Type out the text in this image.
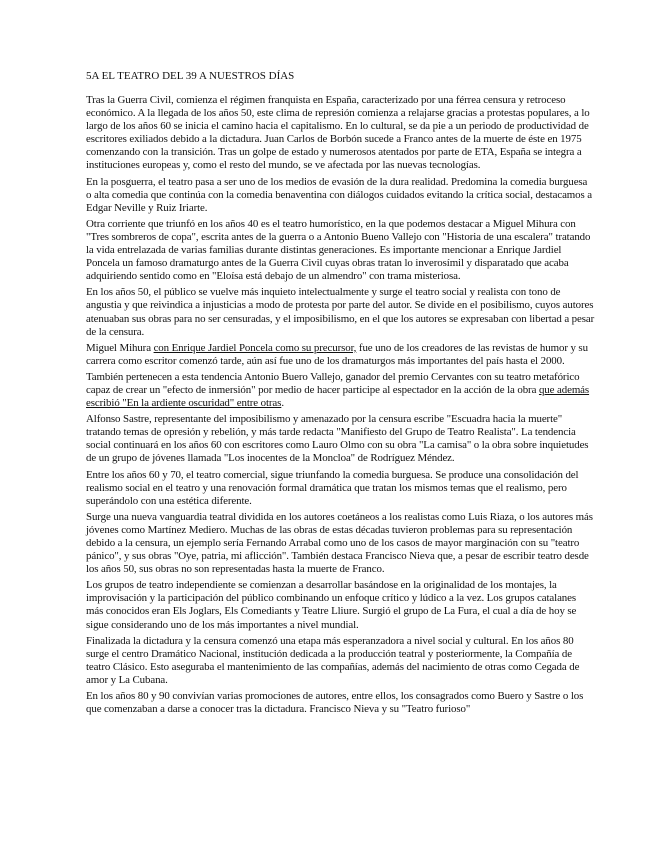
5A EL TEATRO DEL 39 A NUESTROS DÍAS

Tras la Guerra Civil, comienza el régimen franquista en España, caracterizado por una férrea censura y retroceso económico. A la llegada de los años 50, este clima de represión comienza a relajarse gracias a protestas populares, a lo largo de los años 60 se inicia el camino hacia el capitalismo. En lo cultural, se da pie a un periodo de productividad de escritores exiliados debido a la dictadura. Juan Carlos de Borbón sucede a Franco antes de la muerte de éste en 1975 comenzando con la transición. Tras un golpe de estado y numerosos atentados por parte de ETA, España se integra a instituciones europeas y, como el resto del mundo, se ve afectada por las nuevas tecnologías.

En la posguerra, el teatro pasa a ser uno de los medios de evasión de la dura realidad. Predomina la comedia burguesa o alta comedia que continúa con la comedia benaventina con diálogos cuidados evitando la crítica social, destacamos a Edgar Neville y Ruiz Iriarte.

Otra corriente que triunfó en los años 40 es el teatro humorístico, en la que podemos destacar a Miguel Mihura con "Tres sombreros de copa", escrita antes de la guerra o a Antonio Bueno Vallejo con "Historia de una escalera" tratando la vida entrelazada de varias familias durante distintas generaciones. Es importante mencionar a Enrique Jardiel Poncela un famoso dramaturgo antes de la Guerra Civil cuyas obras tratan lo inverosímil y disparatado que acaba adquiriendo sentido como en "Eloísa está debajo de un almendro" con trama misteriosa.

En los años 50, el público se vuelve más inquieto intelectualmente y surge el teatro social y realista con tono de angustia y que reivindica a injusticias a modo de protesta por parte del autor. Se divide en el posibilismo, cuyos autores atenuaban sus obras para no ser censuradas, y el imposibilismo, en el que los autores se expresaban con libertad a pesar de la censura.

Miguel Mihura con Enrique Jardiel Poncela como su precursor, fue uno de los creadores de las revistas de humor y su carrera como escritor comenzó tarde, aún así fue uno de los dramaturgos más importantes del país hasta el 2000.

También pertenecen a esta tendencia Antonio Buero Vallejo, ganador del premio Cervantes con su teatro metafórico capaz de crear un "efecto de inmersión" por medio de hacer participe al espectador en la acción de la obra que además escribió "En la ardiente oscuridad" entre otras.

Alfonso Sastre, representante del imposibilismo y amenazado por la censura escribe "Escuadra hacia la muerte" tratando temas de opresión y rebelión, y más tarde redacta "Manifiesto del Grupo de Teatro Realista". La tendencia social continuará en los años 60 con escritores como Lauro Olmo con su obra "La camisa" o la obra sobre inquietudes de un grupo de jóvenes llamada "Los inocentes de la Moncloa" de Rodríguez Méndez.

Entre los años 60 y 70, el teatro comercial, sigue triunfando la comedia burguesa. Se produce una consolidación del realismo social en el teatro y una renovación formal dramática que tratan los mismos temas que el realismo, pero superándolo con una estética diferente.

Surge una nueva vanguardia teatral dividida en los autores coetáneos a los realistas como Luis Riaza, o los autores más jóvenes como Martínez Mediero. Muchas de las obras de estas décadas tuvieron problemas para su representación debido a la censura, un ejemplo sería Fernando Arrabal como uno de los casos de mayor marginación con su "teatro pánico", y sus obras "Oye, patria, mi aflicción". También destaca Francisco Nieva que, a pesar de escribir teatro desde los años 50, sus obras no son representadas hasta la muerte de Franco.

Los grupos de teatro independiente se comienzan a desarrollar basándose en la originalidad de los montajes, la improvisación y la participación del público combinando un enfoque crítico y lúdico a la vez. Los grupos catalanes más conocidos eran Els Joglars, Els Comediants y Teatre Lliure. Surgió el grupo de La Fura, el cual a día de hoy se sigue considerando uno de los más importantes a nivel mundial.

Finalizada la dictadura y la censura comenzó una etapa más esperanzadora a nivel social y cultural. En los años 80 surge el centro Dramático Nacional, institución dedicada a la producción teatral y posteriormente, la Compañía de teatro Clásico. Esto aseguraba el mantenimiento de las compañías, además del nacimiento de otras como Cegada de amor y La Cubana.

En los años 80 y 90 convivían varias promociones de autores, entre ellos, los consagrados como Buero y Sastre o los que comenzaban a darse a conocer tras la dictadura. Francisco Nieva y su "Teatro furioso"
